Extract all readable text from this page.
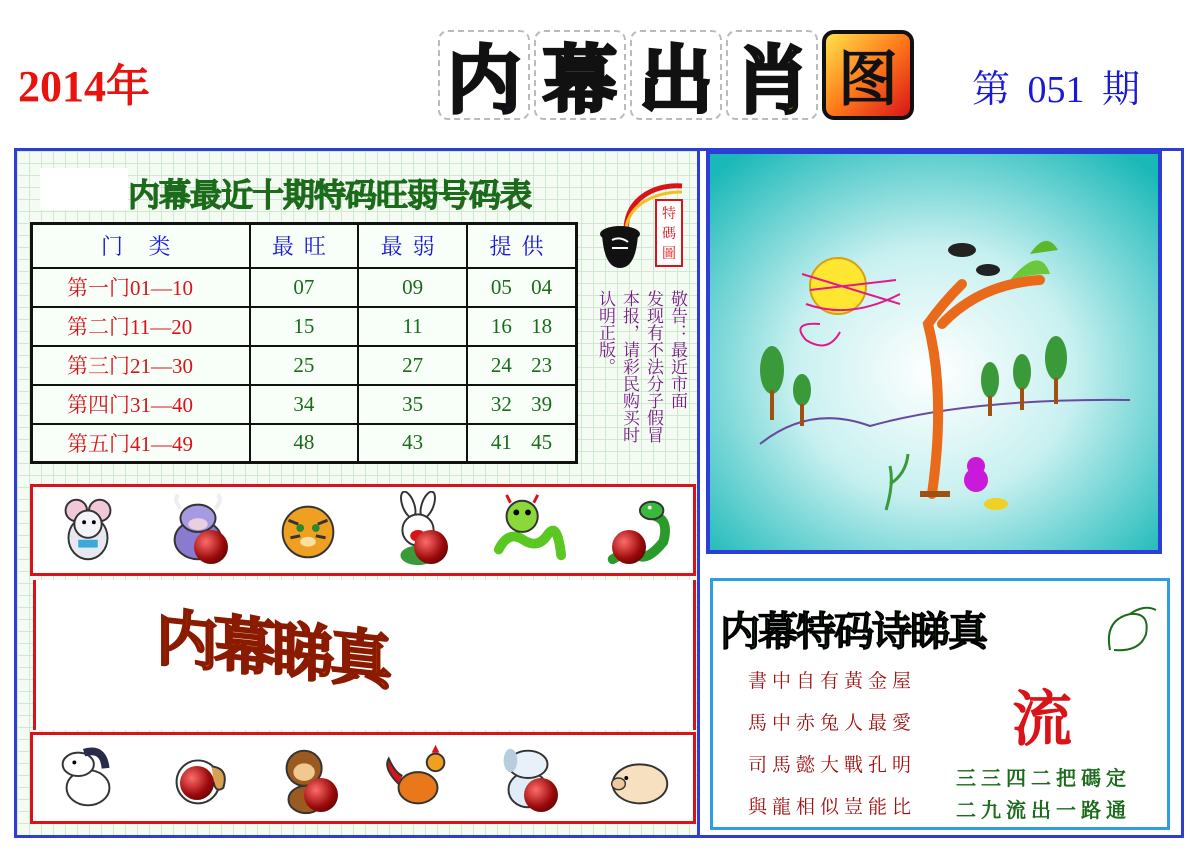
2014年	内 幕 出 肖 图	第 051 期
内幕最近十期特码旺弱号码表
门 类	最旺	最弱	提供
第一门01—10	07	09	05 04
第二门11—20	15	11	16 18
第三门21—30	25	27	24 23
第四门31—40	34	35	32 39
第五门41—49	48	43	41 45
特
碼
圖
敬告：最近市面
发现有不法分子假冒
本报，请彩民购买时
认明正版。
内幕睇真	内幕特码诗睇真
書中自有黃金屋
馬中赤兔人最愛
司馬懿大戰孔明
與龍相似豈能比
流
三三四二把碼定
二九流出一路通
